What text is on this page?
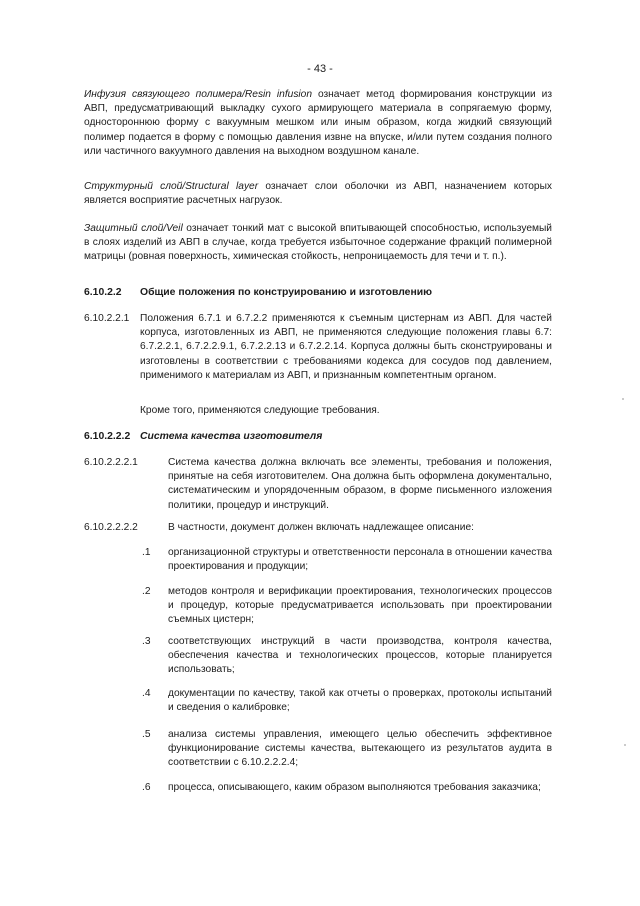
- 43 -

Инфузия связующего полимера/Resin infusion означает метод формирования конструкции из АВП, предусматривающий выкладку сухого армирующего материала в сопрягаемую форму, одностороннюю форму с вакуумным мешком или иным образом, когда жидкий связующий полимер подается в форму с помощью давления извне на впуске, и/или путем создания полного или частичного вакуумного давления на выходном воздушном канале.

Структурный слой/Structural layer означает слои оболочки из АВП, назначением которых является восприятие расчетных нагрузок.

Защитный слой/Veil означает тонкий мат с высокой впитывающей способностью, используемый в слоях изделий из АВП в случае, когда требуется избыточное содержание фракций полимерной матрицы (ровная поверхность, химическая стойкость, непроницаемость для течи и т. п.).

6.10.2.2 Общие положения по конструированию и изготовлению

6.10.2.2.1 Положения 6.7.1 и 6.7.2.2 применяются к съемным цистернам из АВП. Для частей корпуса, изготовленных из АВП, не применяются следующие положения главы 6.7: 6.7.2.2.1, 6.7.2.2.9.1, 6.7.2.2.13 и 6.7.2.2.14. Корпуса должны быть сконструированы и изготовлены в соответствии с требованиями кодекса для сосудов под давлением, применимого к материалам из АВП, и признанным компетентным органом.

Кроме того, применяются следующие требования.

6.10.2.2.2 Система качества изготовителя

6.10.2.2.2.1	Система качества должна включать все элементы, требования и положения, принятые на себя изготовителем. Она должна быть оформлена документально, систематическим и упорядоченным образом, в форме письменного изложения политики, процедур и инструкций.
6.10.2.2.2.2	В частности, документ должен включать надлежащее описание:
.1 организационной структуры и ответственности персонала в отношении качества проектирования и продукции;
.2 методов контроля и верификации проектирования, технологических процессов и процедур, которые предусматривается использовать при проектировании съемных цистерн;
.3 соответствующих инструкций в части производства, контроля качества, обеспечения качества и технологических процессов, которые планируется использовать;
.4 документации по качеству, такой как отчеты о проверках, протоколы испытаний и сведения о калибровке;
.5 анализа системы управления, имеющего целью обеспечить эффективное функционирование системы качества, вытекающего из результатов аудита в соответствии с 6.10.2.2.2.4;
.6 процесса, описывающего, каким образом выполняются требования заказчика;
